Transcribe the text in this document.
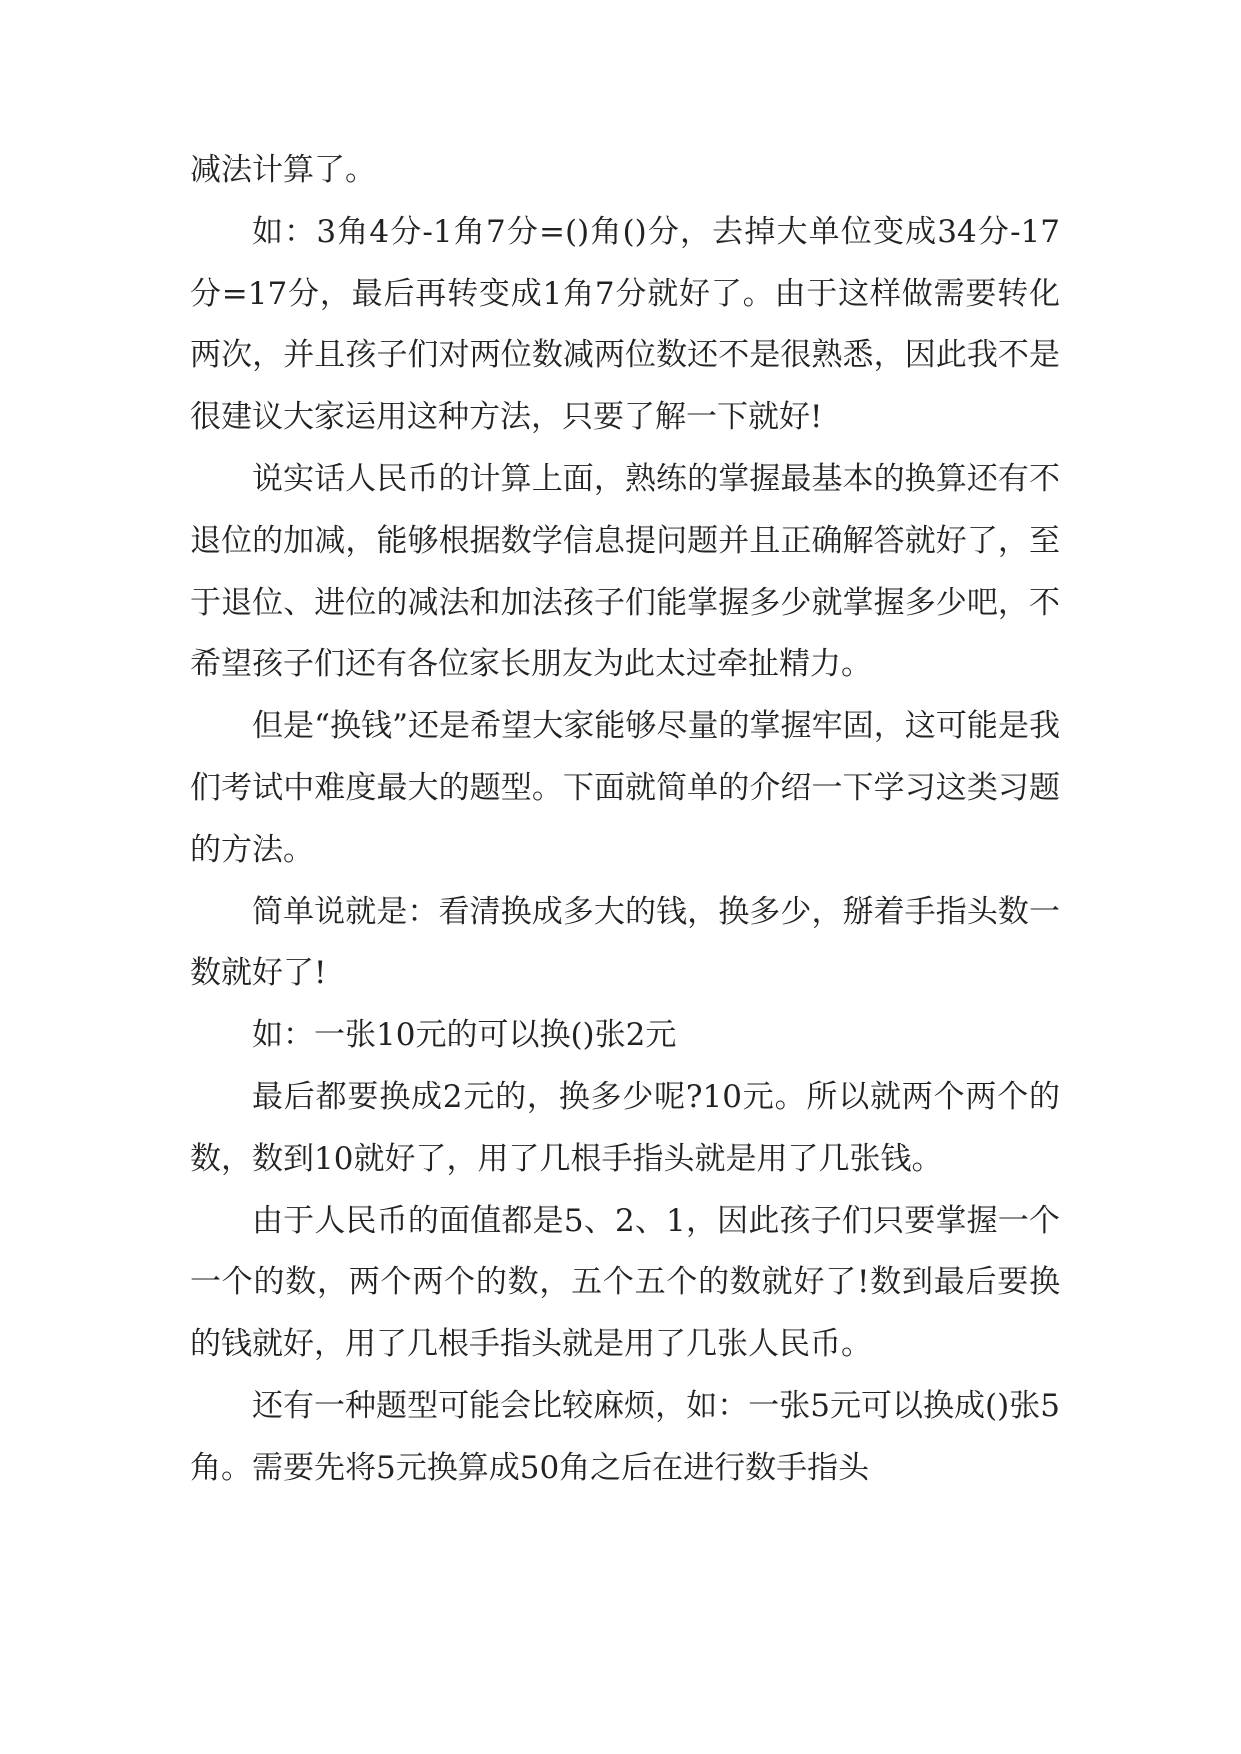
减法计算了。

如：3角4分-1角7分=()角()分，去掉大单位变成34分-17分=17分，最后再转变成1角7分就好了。由于这样做需要转化两次，并且孩子们对两位数减两位数还不是很熟悉，因此我不是很建议大家运用这种方法，只要了解一下就好!

说实话人民币的计算上面，熟练的掌握最基本的换算还有不退位的加减，能够根据数学信息提问题并且正确解答就好了，至于退位、进位的减法和加法孩子们能掌握多少就掌握多少吧，不希望孩子们还有各位家长朋友为此太过牵扯精力。

但是“换钱”还是希望大家能够尽量的掌握牢固，这可能是我们考试中难度最大的题型。下面就简单的介绍一下学习这类习题的方法。

简单说就是：看清换成多大的钱，换多少，掰着手指头数一数就好了!

如：一张10元的可以换()张2元

最后都要换成2元的，换多少呢?10元。所以就两个两个的数，数到10就好了，用了几根手指头就是用了几张钱。

由于人民币的面值都是5、2、1，因此孩子们只要掌握一个一个的数，两个两个的数，五个五个的数就好了!数到最后要换的钱就好，用了几根手指头就是用了几张人民币。

还有一种题型可能会比较麻烦，如：一张5元可以换成()张5角。需要先将5元换算成50角之后在进行数手指头
